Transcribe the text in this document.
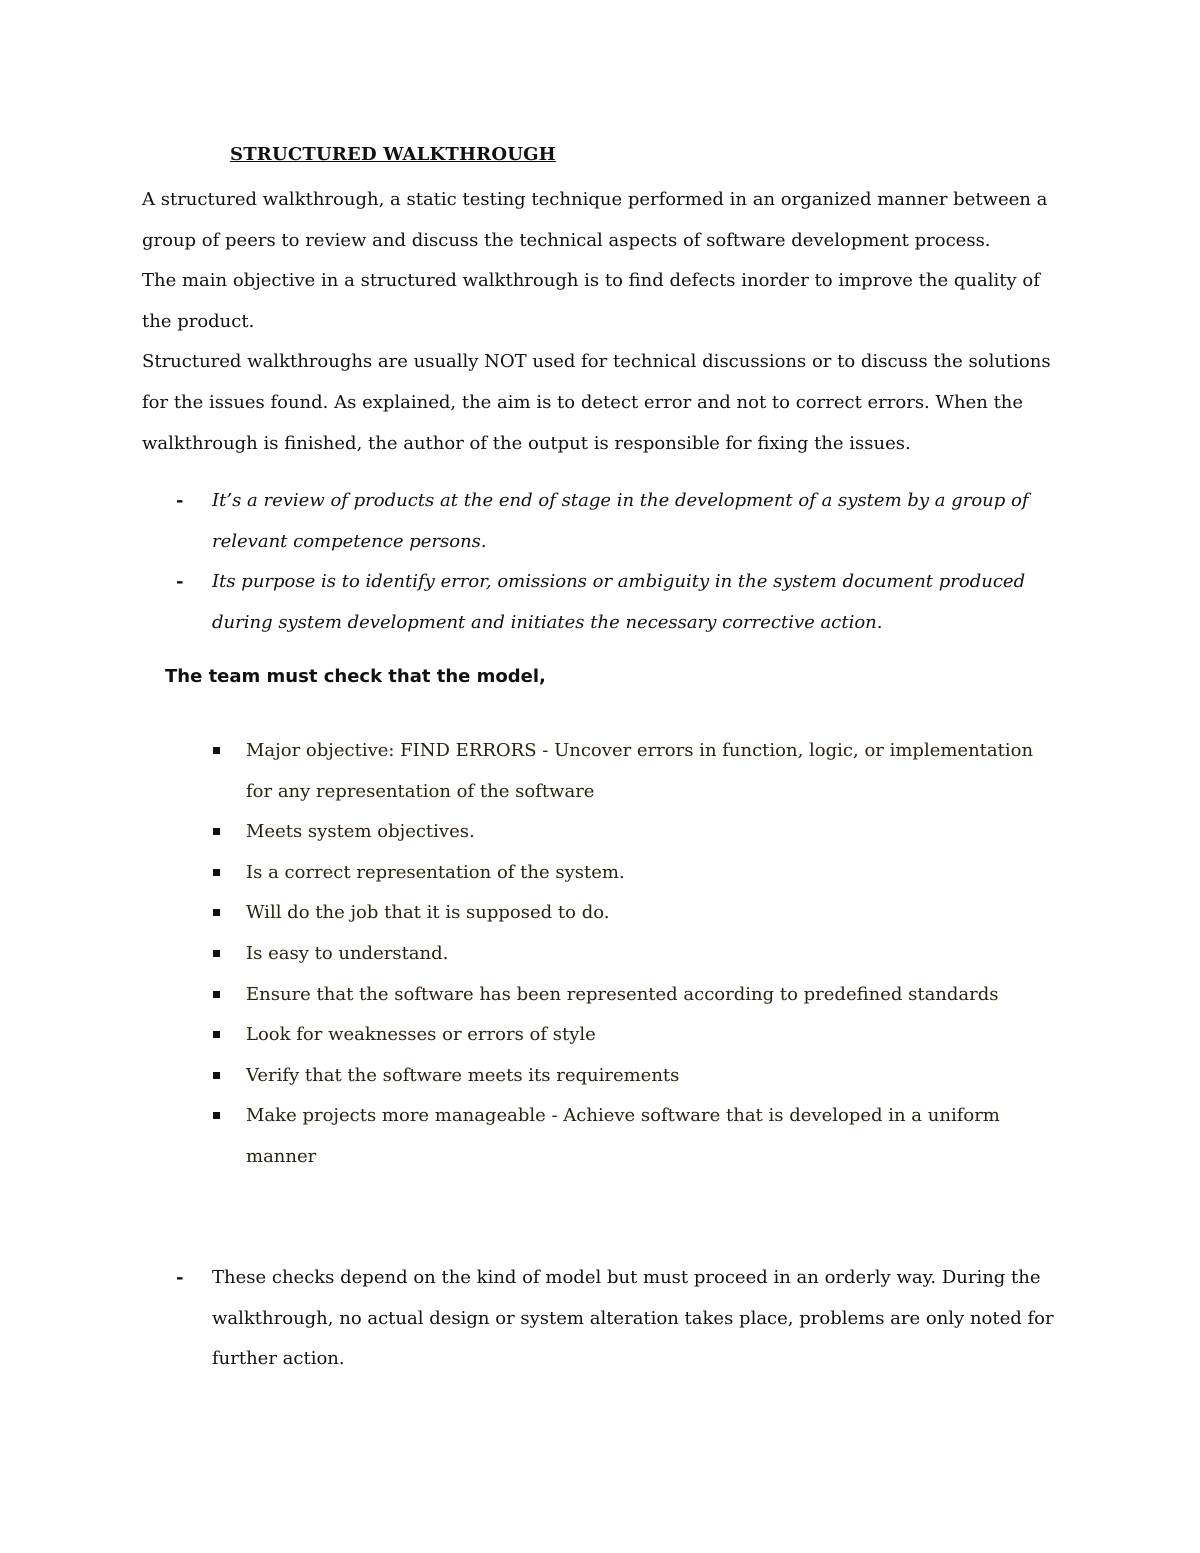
STRUCTURED WALKTHROUGH

A structured walkthrough, a static testing technique performed in an organized manner between a group of peers to review and discuss the technical aspects of software development process.

The main objective in a structured walkthrough is to find defects inorder to improve the quality of the product.

Structured walkthroughs are usually NOT used for technical discussions or to discuss the solutions for the issues found. As explained, the aim is to detect error and not to correct errors. When the walkthrough is finished, the author of the output is responsible for fixing the issues.

- It’s a review of products at the end of stage in the development of a system by a group of relevant competence persons.
- Its purpose is to identify error, omissions or ambiguity in the system document produced during system development and initiates the necessary corrective action.
The team must check that the model,
Major objective: FIND ERRORS - Uncover errors in function, logic, or implementation for any representation of the software
Meets system objectives.
Is a correct representation of the system.
Will do the job that it is supposed to do.
Is easy to understand.
Ensure that the software has been represented according to predefined standards
Look for weaknesses or errors of style
Verify that the software meets its requirements
Make projects more manageable - Achieve software that is developed in a uniform manner
- These checks depend on the kind of model but must proceed in an orderly way. During the walkthrough, no actual design or system alteration takes place, problems are only noted for further action.
